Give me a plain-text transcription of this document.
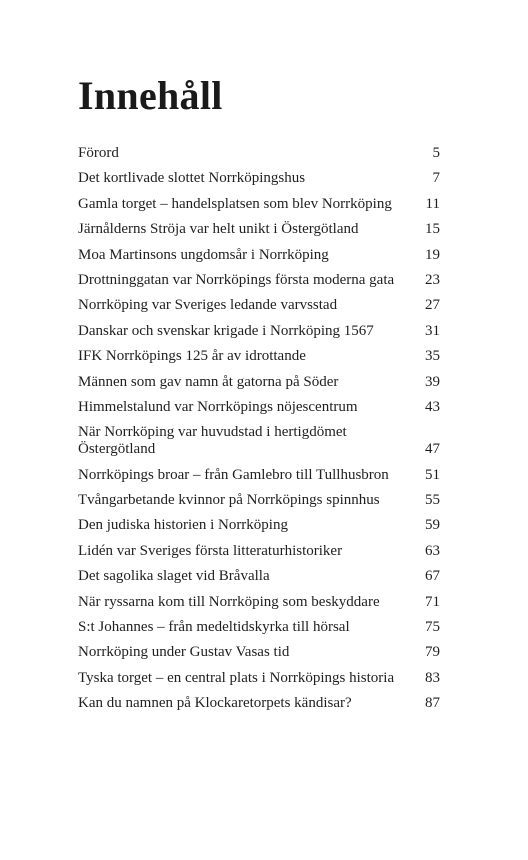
Innehåll
Förord	5
Det kortlivade slottet Norrköpingshus	7
Gamla torget – handelsplatsen som blev Norrköping	11
Järnålderns Ströja var helt unikt i Östergötland	15
Moa Martinsons ungdomsår i Norrköping	19
Drottninggatan var Norrköpings första moderna gata	23
Norrköping var Sveriges ledande varvsstad	27
Danskar och svenskar krigade i Norrköping 1567	31
IFK Norrköpings 125 år av idrottande	35
Männen som gav namn åt gatorna på Söder	39
Himmelstalund var Norrköpings nöjescentrum	43
När Norrköping var huvudstad i hertigdömet Östergötland	47
Norrköpings broar – från Gamlebro till Tullhusbron	51
Tvångarbetande kvinnor på Norrköpings spinnhus	55
Den judiska historien i Norrköping	59
Lidén var Sveriges första litteraturhistoriker	63
Det sagolika slaget vid Bråvalla	67
När ryssarna kom till Norrköping som beskyddare	71
S:t Johannes – från medeltidskyrka till hörsal	75
Norrköping under Gustav Vasas tid	79
Tyska torget – en central plats i Norrköpings historia	83
Kan du namnen på Klockaretorpets kändisar?	87
